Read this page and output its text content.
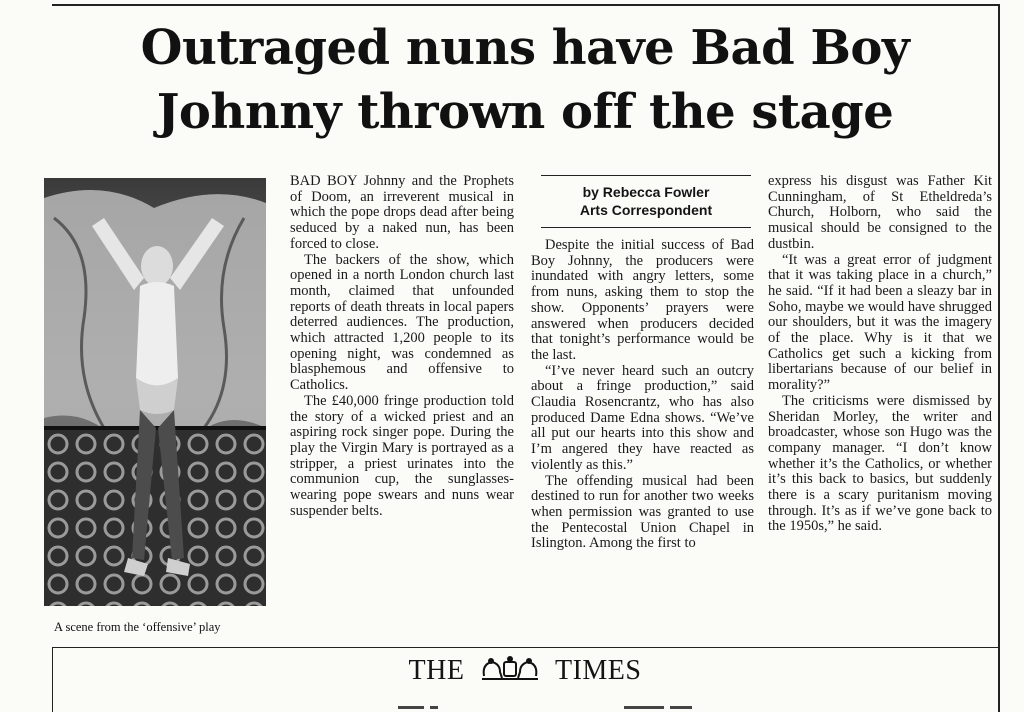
Outraged nuns have Bad Boy Johnny thrown off the stage

A scene from the ‘offensive’ play

BAD BOY Johnny and the Prophets of Doom, an irreverent musical in which the pope drops dead after being seduced by a naked nun, has been forced to close.

The backers of the show, which opened in a north London church last month, claimed that unfounded reports of death threats in local papers deterred audiences. The production, which attracted 1,200 people to its opening night, was condemned as blasphemous and offensive to Catholics.

The £40,000 fringe production told the story of a wicked priest and an aspiring rock singer pope. During the play the Virgin Mary is portrayed as a stripper, a priest urinates into the communion cup, the sunglasses-wearing pope swears and nuns wear suspender belts.

by Rebecca Fowler
Arts Correspondent

Despite the initial success of Bad Boy Johnny, the producers were inundated with angry letters, some from nuns, asking them to stop the show. Opponents’ prayers were answered when producers decided that tonight’s performance would be the last.

“I’ve never heard such an outcry about a fringe production,” said Claudia Rosencrantz, who has also produced Dame Edna shows. “We’ve all put our hearts into this show and I’m angered they have reacted as violently as this.”

The offending musical had been destined to run for another two weeks when permission was granted to use the Pentecostal Union Chapel in Islington. Among the first to

express his disgust was Father Kit Cunningham, of St Etheldreda’s Church, Holborn, who said the musical should be consigned to the dustbin.

“It was a great error of judgment that it was taking place in a church,” he said. “If it had been a sleazy bar in Soho, maybe we would have shrugged our shoulders, but it was the imagery of the place. Why is it that we Catholics get such a kicking from libertarians because of our belief in morality?”

The criticisms were dismissed by Sheridan Morley, the writer and broadcaster, whose son Hugo was the company manager. “I don’t know whether it’s the Catholics, or whether it’s this back to basics, but suddenly there is a scary puritanism moving through. It’s as if we’ve gone back to the 1950s,” he said.

THE	TIMES
